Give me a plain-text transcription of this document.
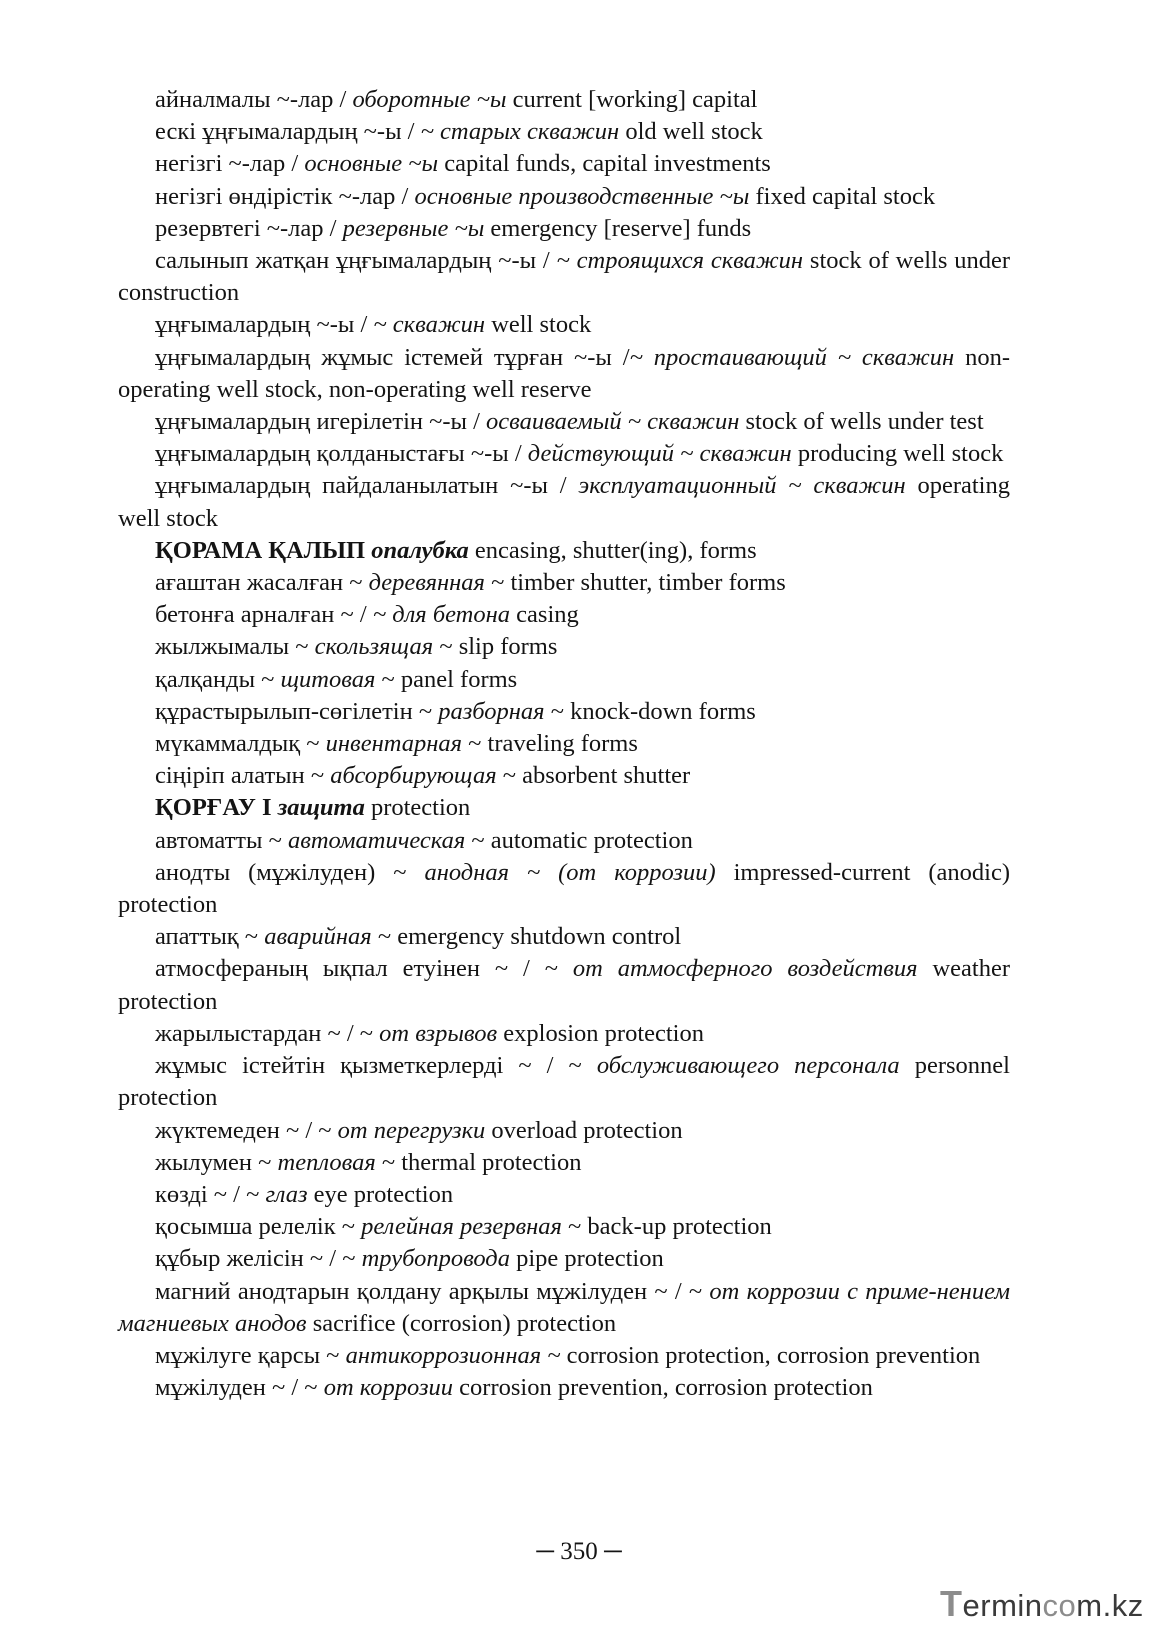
айналмалы ~-лар / оборотные ~ы current [working] capital
ескі ұңғымалардың ~-ы / ~ старых скважин old well stock
негізгі ~-лар / основные ~ы capital funds, capital investments
негізгі өндірістік ~-лар / основные производственные ~ы fixed capital stock
резервтегі ~-лар / резервные ~ы emergency [reserve] funds
салынып жатқан ұңғымалардың ~-ы / ~ строящихся скважин stock of wells under construction
ұңғымалардың ~-ы / ~ скважин well stock
ұңғымалардың жұмыс істемей тұрған ~-ы /~ простаивающий ~ скважин non-operating well stock, non-operating well reserve
ұңғымалардың игерілетін ~-ы / осваиваемый ~ скважин stock of wells under test
ұңғымалардың қолданыстағы ~-ы / действующий ~ скважин producing well stock
ұңғымалардың пайдаланылатын ~-ы / эксплуатационный ~ скважин operating well stock
ҚОРАМА ҚАЛЫП опалубка encasing, shutter(ing), forms
ағаштан жасалған ~ деревянная ~ timber shutter, timber forms
бетонға арналған ~ / ~ для бетона casing
жылжымалы ~ скользящая ~ slip forms
қалқанды ~ щитовая ~ panel forms
құрастырылып-сөгілетін ~ разборная ~ knock-down forms
мүкаммалдық ~ инвентарная ~ traveling forms
сіңіріп алатын ~ абсорбирующая ~ absorbent shutter
ҚОРҒАУ I защита protection
автоматты ~ автоматическая ~ automatic protection
анодты (мұжілуден) ~ анодная ~ (от коррозии) impressed-current (anodic) protection
апаттық ~ аварийная ~ emergency shutdown control
атмосфераның ықпал етуінен ~ / ~ от атмосферного воздействия weather protection
жарылыстардан ~ / ~ от взрывов explosion protection
жұмыс істейтін қызметкерлерді ~ / ~ обслуживающего персонала personnel protection
жүктемеден ~ / ~ от перегрузки overload protection
жылумен ~ тепловая ~ thermal protection
көзді ~ / ~ глаз eye protection
қосымша релелік ~ релейная резервная ~ back-up protection
құбыр желісін ~ / ~ трубопровода pipe protection
магний анодтарын қолдану арқылы мұжілуден ~ / ~ от коррозии с приме-нением магниевых анодов sacrifice (corrosion) protection
мұжілуге қарсы ~ антикоррозионная ~ corrosion protection, corrosion prevention
мұжілуден ~ / ~ от коррозии corrosion prevention, corrosion protection
─ 350 ─
Termincom.kz
